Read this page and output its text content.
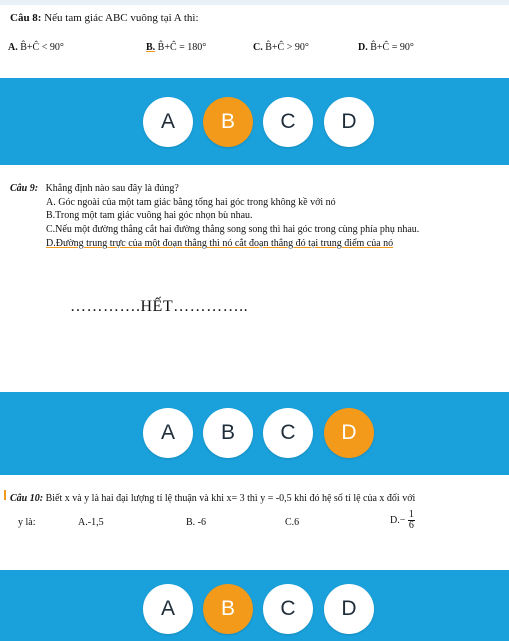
Câu 8: Nếu tam giác ABC vuông tại A thì:
A. B̂+Ĉ < 90°	B. B̂+Ĉ = 180°	C. B̂+Ĉ > 90°	D. B̂+Ĉ = 90°
A	B	C	D
Câu 9: Khẳng định nào sau đây là đúng?
A. Góc ngoài của một tam giác bằng tổng hai góc trong không kề với nó
B.Trong một tam giác vuông hai góc nhọn bù nhau.
C.Nếu một đường thẳng cắt hai đường thẳng song song thì hai góc trong cùng phía phụ nhau.
D.Đường trung trực của một đoạn thẳng thì nó cắt đoạn thẳng đó tại trung điểm của nó
………….HẾT…………..
A	B	C	D
Câu 10: Biết x và y là hai đại lượng tỉ lệ thuận và khi x= 3 thì y = -0,5 khi đó hệ số tỉ lệ của x đối với
y là:	A.-1,5	B. -6	C.6	$D.- \frac{1}{6}$
A	B	C	D
